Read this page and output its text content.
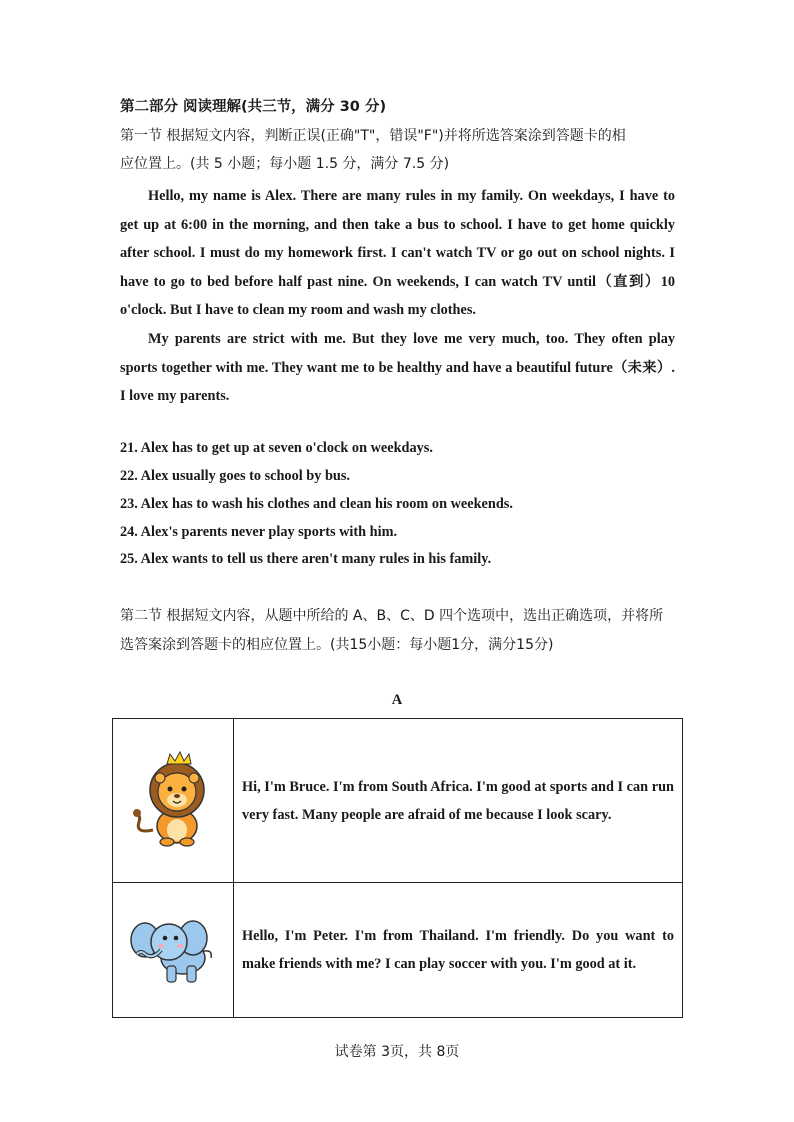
第二部分 阅读理解(共三节，满分 30 分)
第一节 根据短文内容，判断正误(正确"T"，错误"F")并将所选答案涂到答题卡的相
应位置上。(共 5 小题；每小题 1.5 分，满分 7.5 分)

Hello, my name is Alex. There are many rules in my family. On weekdays, I have to get up at 6:00 in the morning, and then take a bus to school. I have to get home quickly after school. I must do my homework first. I can't watch TV or go out on school nights. I have to go to bed before half past nine. On weekends, I can watch TV until（直到）10 o'clock. But I have to clean my room and wash my clothes.

My parents are strict with me. But they love me very much, too. They often play sports together with me. They want me to be healthy and have a beautiful future（未来）. I love my parents.

21. Alex has to get up at seven o'clock on weekdays.
22. Alex usually goes to school by bus.
23. Alex has to wash his clothes and clean his room on weekends.
24. Alex's parents never play sports with him.
25. Alex wants to tell us there aren't many rules in his family.
第二节 根据短文内容，从题中所给的 A、B、C、D 四个选项中，选出正确选项，并将所
选答案涂到答题卡的相应位置上。(共15小题：每小题1分，满分15分)
A
	Hi, I'm Bruce. I'm from South Africa. I'm good at sports and I can run very fast. Many people are afraid of me because I look scary.
	Hello, I'm Peter. I'm from Thailand. I'm friendly. Do you want to make friends with me? I can play soccer with you. I'm good at it.
试卷第 3页，共 8页
